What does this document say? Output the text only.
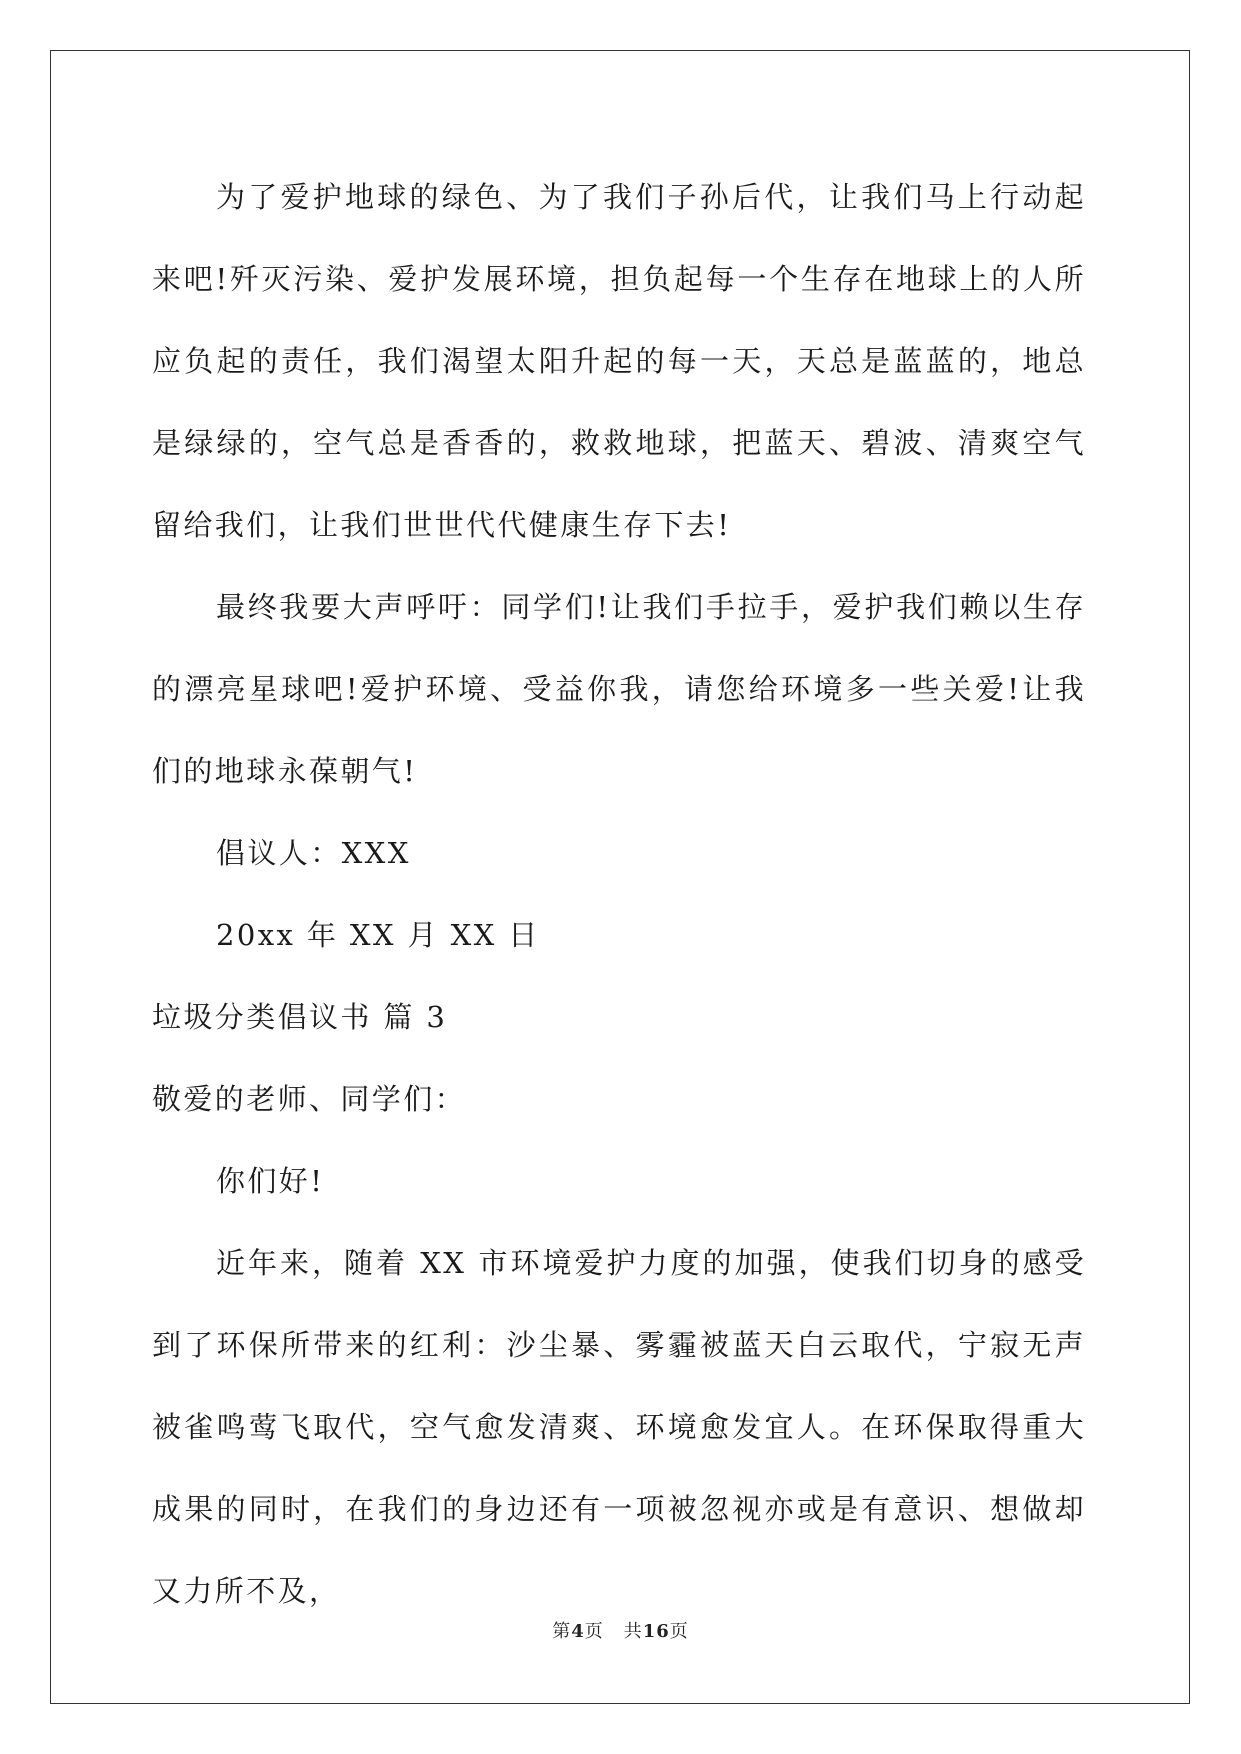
为了爱护地球的绿色、为了我们子孙后代，让我们马上行动起来吧!歼灭污染、爱护发展环境，担负起每一个生存在地球上的人所应负起的责任，我们渴望太阳升起的每一天，天总是蓝蓝的，地总是绿绿的，空气总是香香的，救救地球，把蓝天、碧波、清爽空气留给我们，让我们世世代代健康生存下去!

最终我要大声呼吁：同学们!让我们手拉手，爱护我们赖以生存的漂亮星球吧!爱护环境、受益你我，请您给环境多一些关爱!让我们的地球永葆朝气!

倡议人：XXX

20xx 年 XX 月 XX 日

垃圾分类倡议书 篇 3

敬爱的老师、同学们：

你们好!

近年来，随着 XX 市环境爱护力度的加强，使我们切身的感受到了环保所带来的红利：沙尘暴、雾霾被蓝天白云取代，宁寂无声被雀鸣莺飞取代，空气愈发清爽、环境愈发宜人。在环保取得重大成果的同时，在我们的身边还有一项被忽视亦或是有意识、想做却又力所不及，

第4页 共16页
